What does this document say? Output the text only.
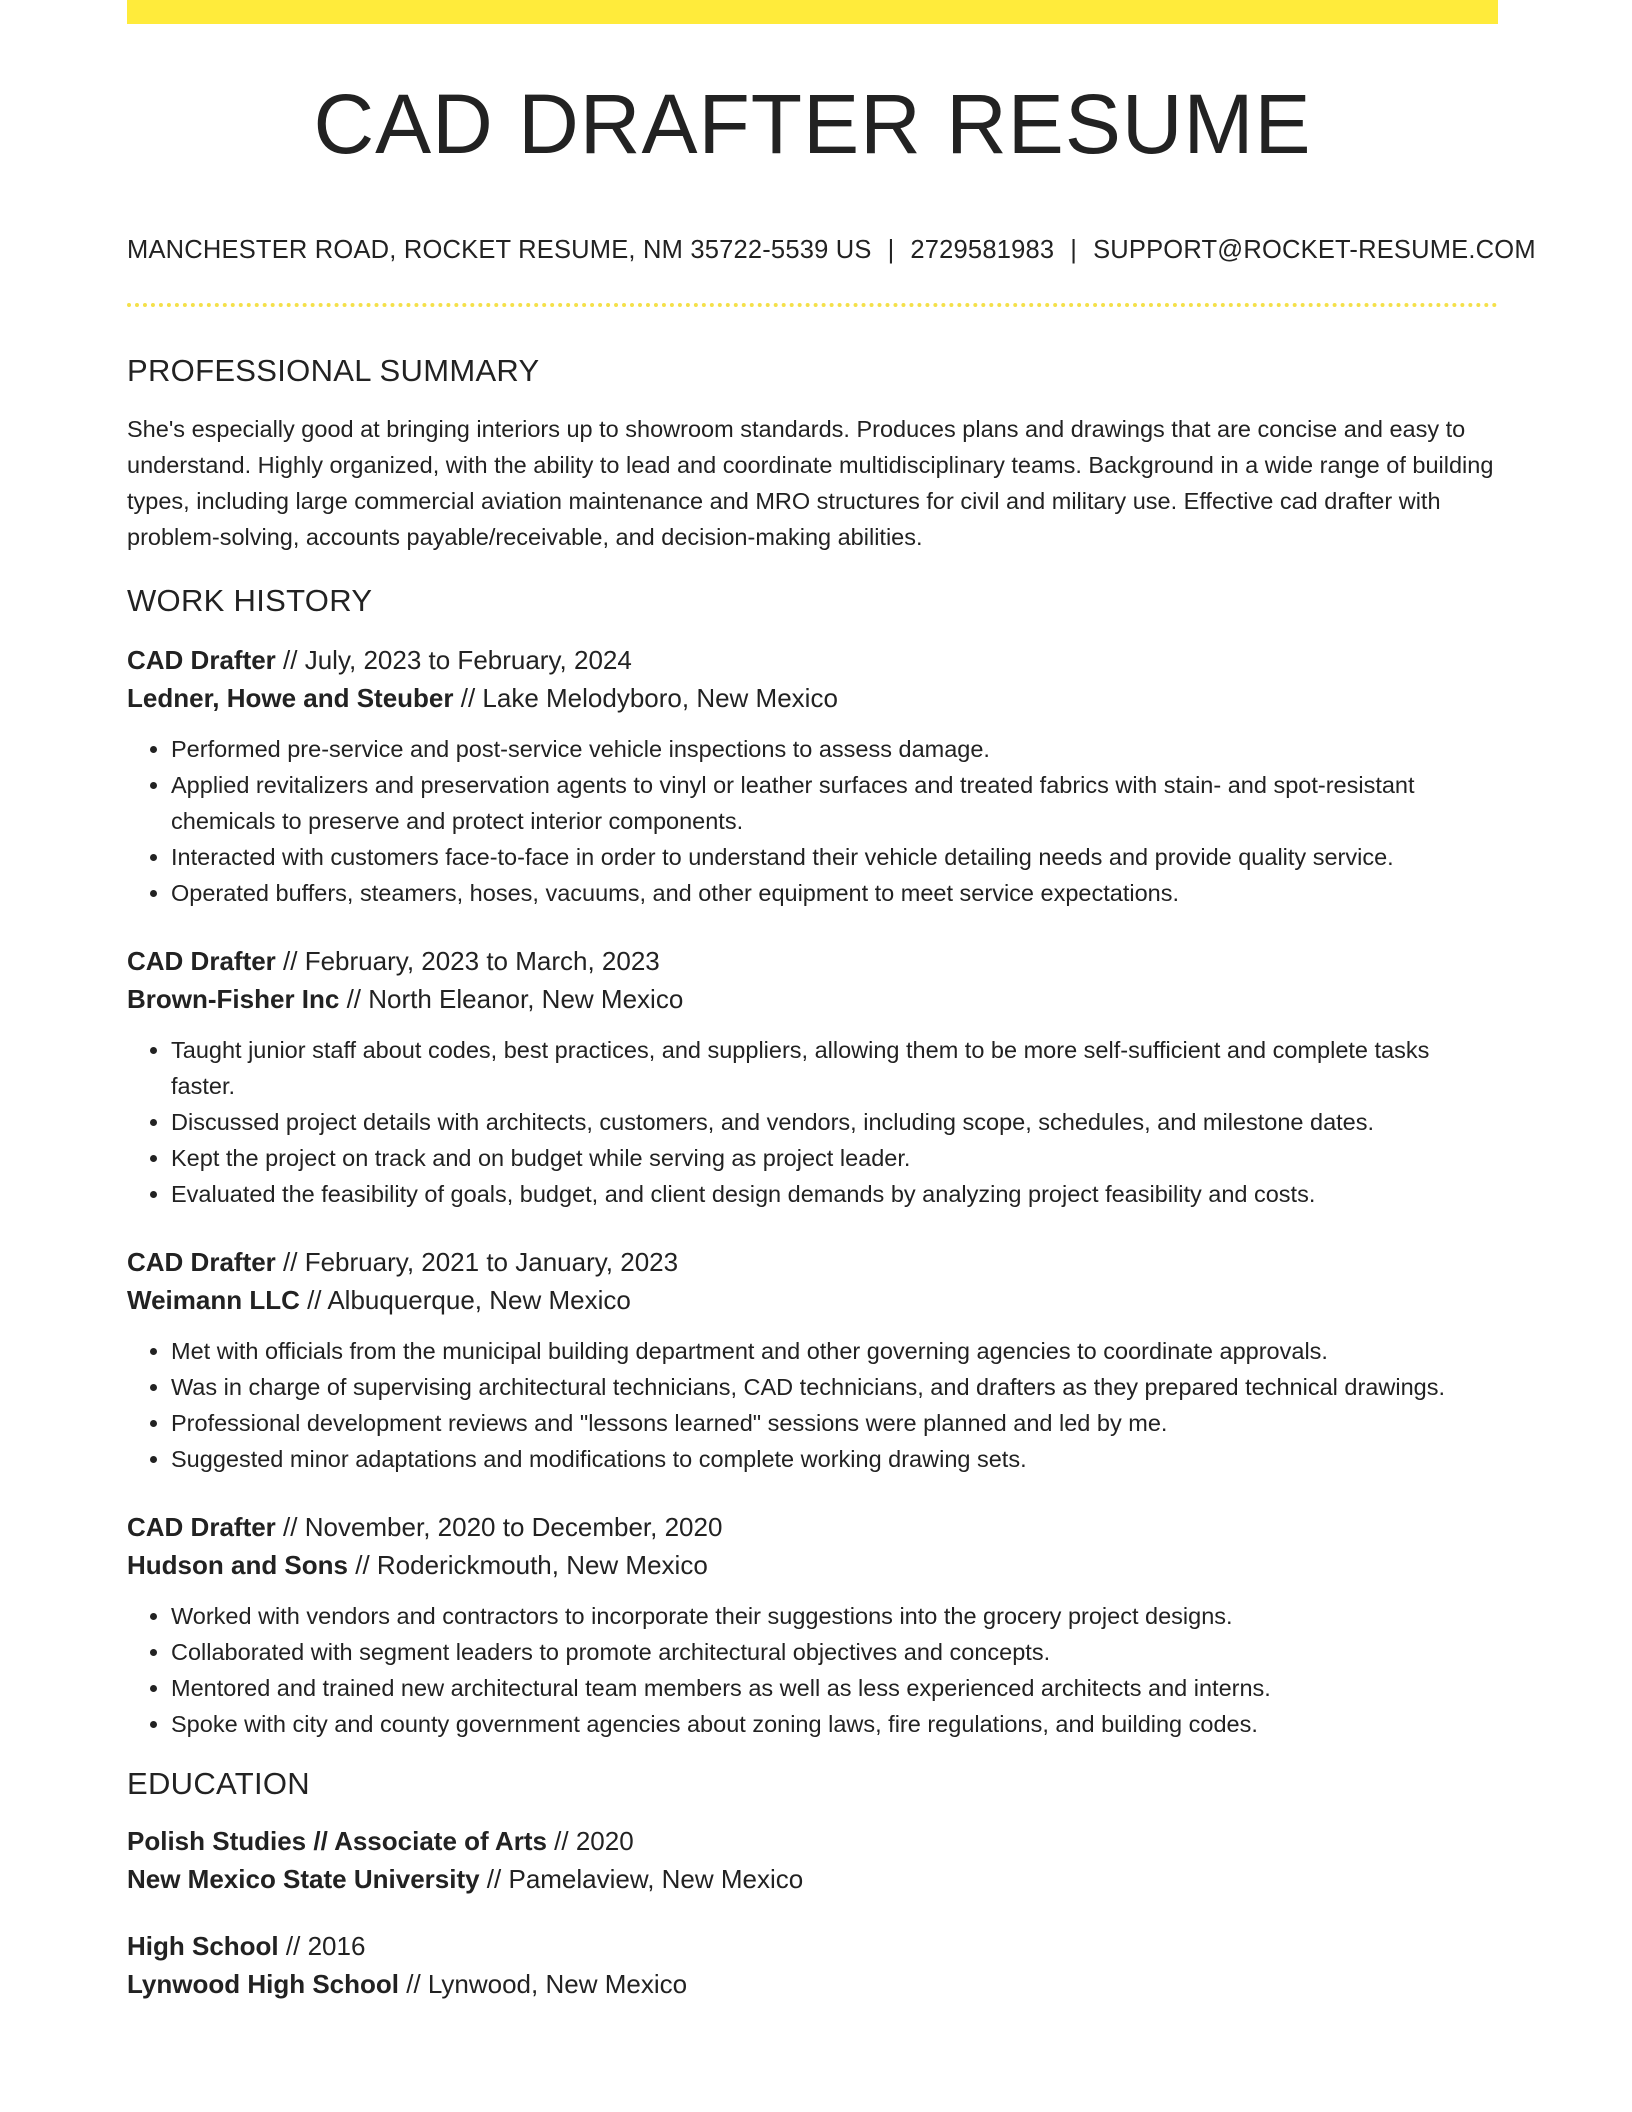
CAD DRAFTER RESUME
MANCHESTER ROAD, ROCKET RESUME, NM 35722-5539 US | 2729581983 | SUPPORT@ROCKET-RESUME.COM
PROFESSIONAL SUMMARY

She's especially good at bringing interiors up to showroom standards. Produces plans and drawings that are concise and easy to understand. Highly organized, with the ability to lead and coordinate multidisciplinary teams. Background in a wide range of building types, including large commercial aviation maintenance and MRO structures for civil and military use. Effective cad drafter with problem-solving, accounts payable/receivable, and decision-making abilities.

WORK HISTORY
CAD Drafter // July, 2023 to February, 2024
Ledner, Howe and Steuber // Lake Melodyboro, New Mexico
• Performed pre-service and post-service vehicle inspections to assess damage.
• Applied revitalizers and preservation agents to vinyl or leather surfaces and treated fabrics with stain- and spot-resistant chemicals to preserve and protect interior components.
• Interacted with customers face-to-face in order to understand their vehicle detailing needs and provide quality service.
• Operated buffers, steamers, hoses, vacuums, and other equipment to meet service expectations.
CAD Drafter // February, 2023 to March, 2023
Brown-Fisher Inc // North Eleanor, New Mexico
• Taught junior staff about codes, best practices, and suppliers, allowing them to be more self-sufficient and complete tasks faster.
• Discussed project details with architects, customers, and vendors, including scope, schedules, and milestone dates.
• Kept the project on track and on budget while serving as project leader.
• Evaluated the feasibility of goals, budget, and client design demands by analyzing project feasibility and costs.
CAD Drafter // February, 2021 to January, 2023
Weimann LLC // Albuquerque, New Mexico
• Met with officials from the municipal building department and other governing agencies to coordinate approvals.
• Was in charge of supervising architectural technicians, CAD technicians, and drafters as they prepared technical drawings.
• Professional development reviews and "lessons learned" sessions were planned and led by me.
• Suggested minor adaptations and modifications to complete working drawing sets.
CAD Drafter // November, 2020 to December, 2020
Hudson and Sons // Roderickmouth, New Mexico
• Worked with vendors and contractors to incorporate their suggestions into the grocery project designs.
• Collaborated with segment leaders to promote architectural objectives and concepts.
• Mentored and trained new architectural team members as well as less experienced architects and interns.
• Spoke with city and county government agencies about zoning laws, fire regulations, and building codes.
EDUCATION
Polish Studies // Associate of Arts // 2020
New Mexico State University // Pamelaview, New Mexico
High School // 2016
Lynwood High School // Lynwood, New Mexico
